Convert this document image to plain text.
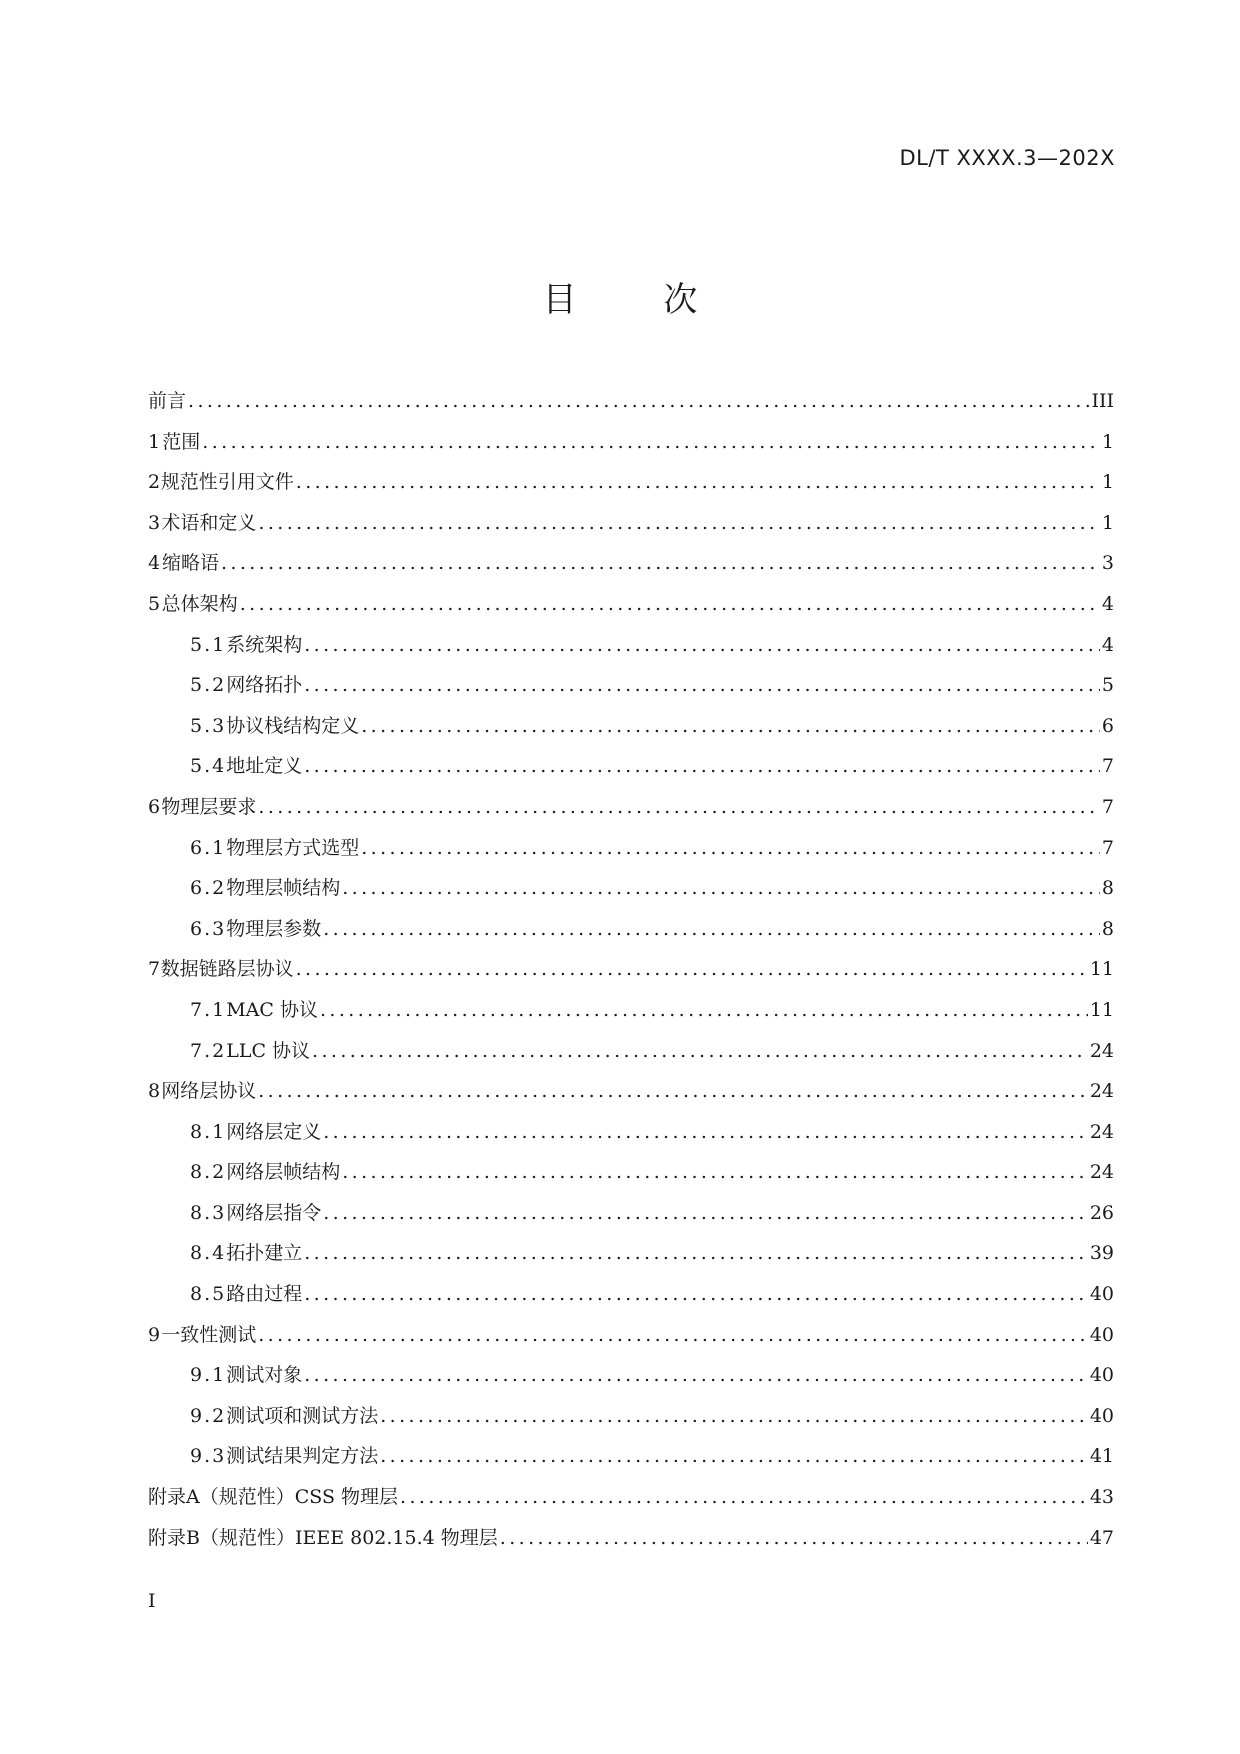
DL/T XXXX.3—202X
目 次
前言 .....	III
1 范围 .....	1
2 规范性引用文件 .....	1
3 术语和定义 .....	1
4 缩略语 .....	3
5 总体架构 .....	4
5.1 系统架构 .....	4
5.2 网络拓扑 .....	5
5.3 协议栈结构定义 .....	6
5.4 地址定义 .....	7
6 物理层要求 .....	7
6.1 物理层方式选型 .....	7
6.2 物理层帧结构 .....	8
6.3 物理层参数 .....	8
7 数据链路层协议 .....	11
7.1 MAC 协议 .....	11
7.2 LLC 协议 .....	24
8 网络层协议 .....	24
8.1 网络层定义 .....	24
8.2 网络层帧结构 .....	24
8.3 网络层指令 .....	26
8.4 拓扑建立 .....	39
8.5 路由过程 .....	40
9 一致性测试 .....	40
9.1 测试对象 .....	40
9.2 测试项和测试方法 .....	40
9.3 测试结果判定方法 .....	41
附录A（规范性） CSS 物理层 .....	43
附录B（规范性） IEEE 802.15.4 物理层 .....	47
I
